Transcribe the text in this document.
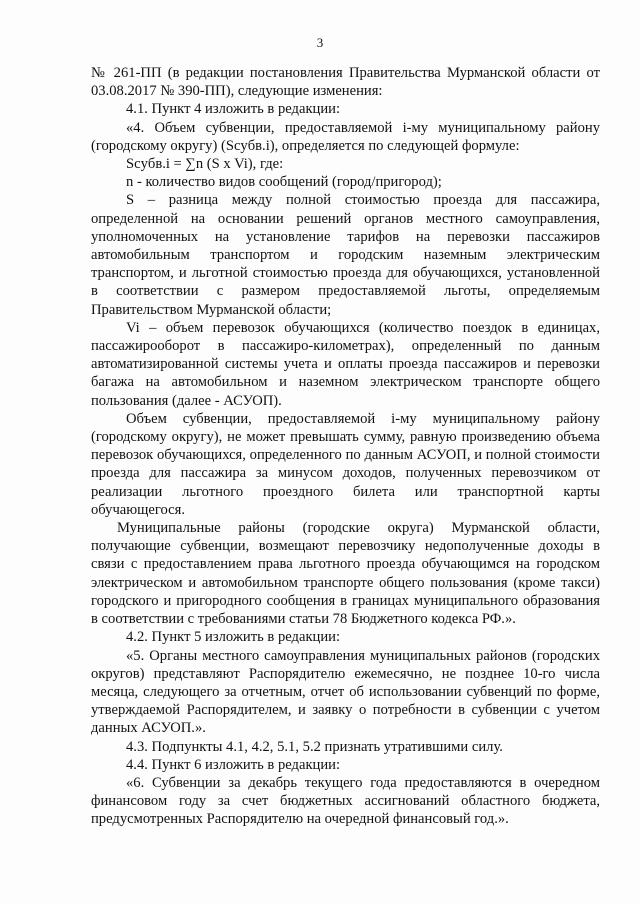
3

№ 261-ПП (в редакции постановления Правительства Мурманской области от 03.08.2017 № 390-ПП), следующие изменения:

4.1. Пункт 4 изложить в редакции:

«4. Объем субвенции, предоставляемой i-му муниципальному району (городскому округу) (Scyбв.i), определяется по следующей формуле:

Scyбв.i = ∑n (S x Vi), где:

n - количество видов сообщений (город/пригород);

S – разница между полной стоимостью проезда для пассажира, определенной на основании решений органов местного самоуправления, уполномоченных на установление тарифов на перевозки пассажиров автомобильным транспортом и городским наземным электрическим транспортом, и льготной стоимостью проезда для обучающихся, установленной в соответствии с размером предоставляемой льготы, определяемым Правительством Мурманской области;

Vi – объем перевозок обучающихся (количество поездок в единицах, пассажирооборот в пассажиро-километрах), определенный по данным автоматизированной системы учета и оплаты проезда пассажиров и перевозки багажа на автомобильном и наземном электрическом транспорте общего пользования (далее - АСУОП).

Объем субвенции, предоставляемой i-му муниципальному району (городскому округу), не может превышать сумму, равную произведению объема перевозок обучающихся, определенного по данным АСУОП, и полной стоимости проезда для пассажира за минусом доходов, полученных перевозчиком от реализации льготного проездного билета или транспортной карты обучающегося.

Муниципальные районы (городские округа) Мурманской области, получающие субвенции, возмещают перевозчику недополученные доходы в связи с предоставлением права льготного проезда обучающимся на городском электрическом и автомобильном транспорте общего пользования (кроме такси) городского и пригородного сообщения в границах муниципального образования в соответствии с требованиями статьи 78 Бюджетного кодекса РФ.».

4.2. Пункт 5 изложить в редакции:

«5. Органы местного самоуправления муниципальных районов (городских округов) представляют Распорядителю ежемесячно, не позднее 10-го числа месяца, следующего за отчетным, отчет об использовании субвенций по форме, утверждаемой Распорядителем, и заявку о потребности в субвенции с учетом данных АСУОП.».

4.3. Подпункты 4.1, 4.2, 5.1, 5.2 признать утратившими силу.

4.4. Пункт 6 изложить в редакции:

«6. Субвенции за декабрь текущего года предоставляются в очередном финансовом году за счет бюджетных ассигнований областного бюджета, предусмотренных Распорядителю на очередной финансовый год.».
